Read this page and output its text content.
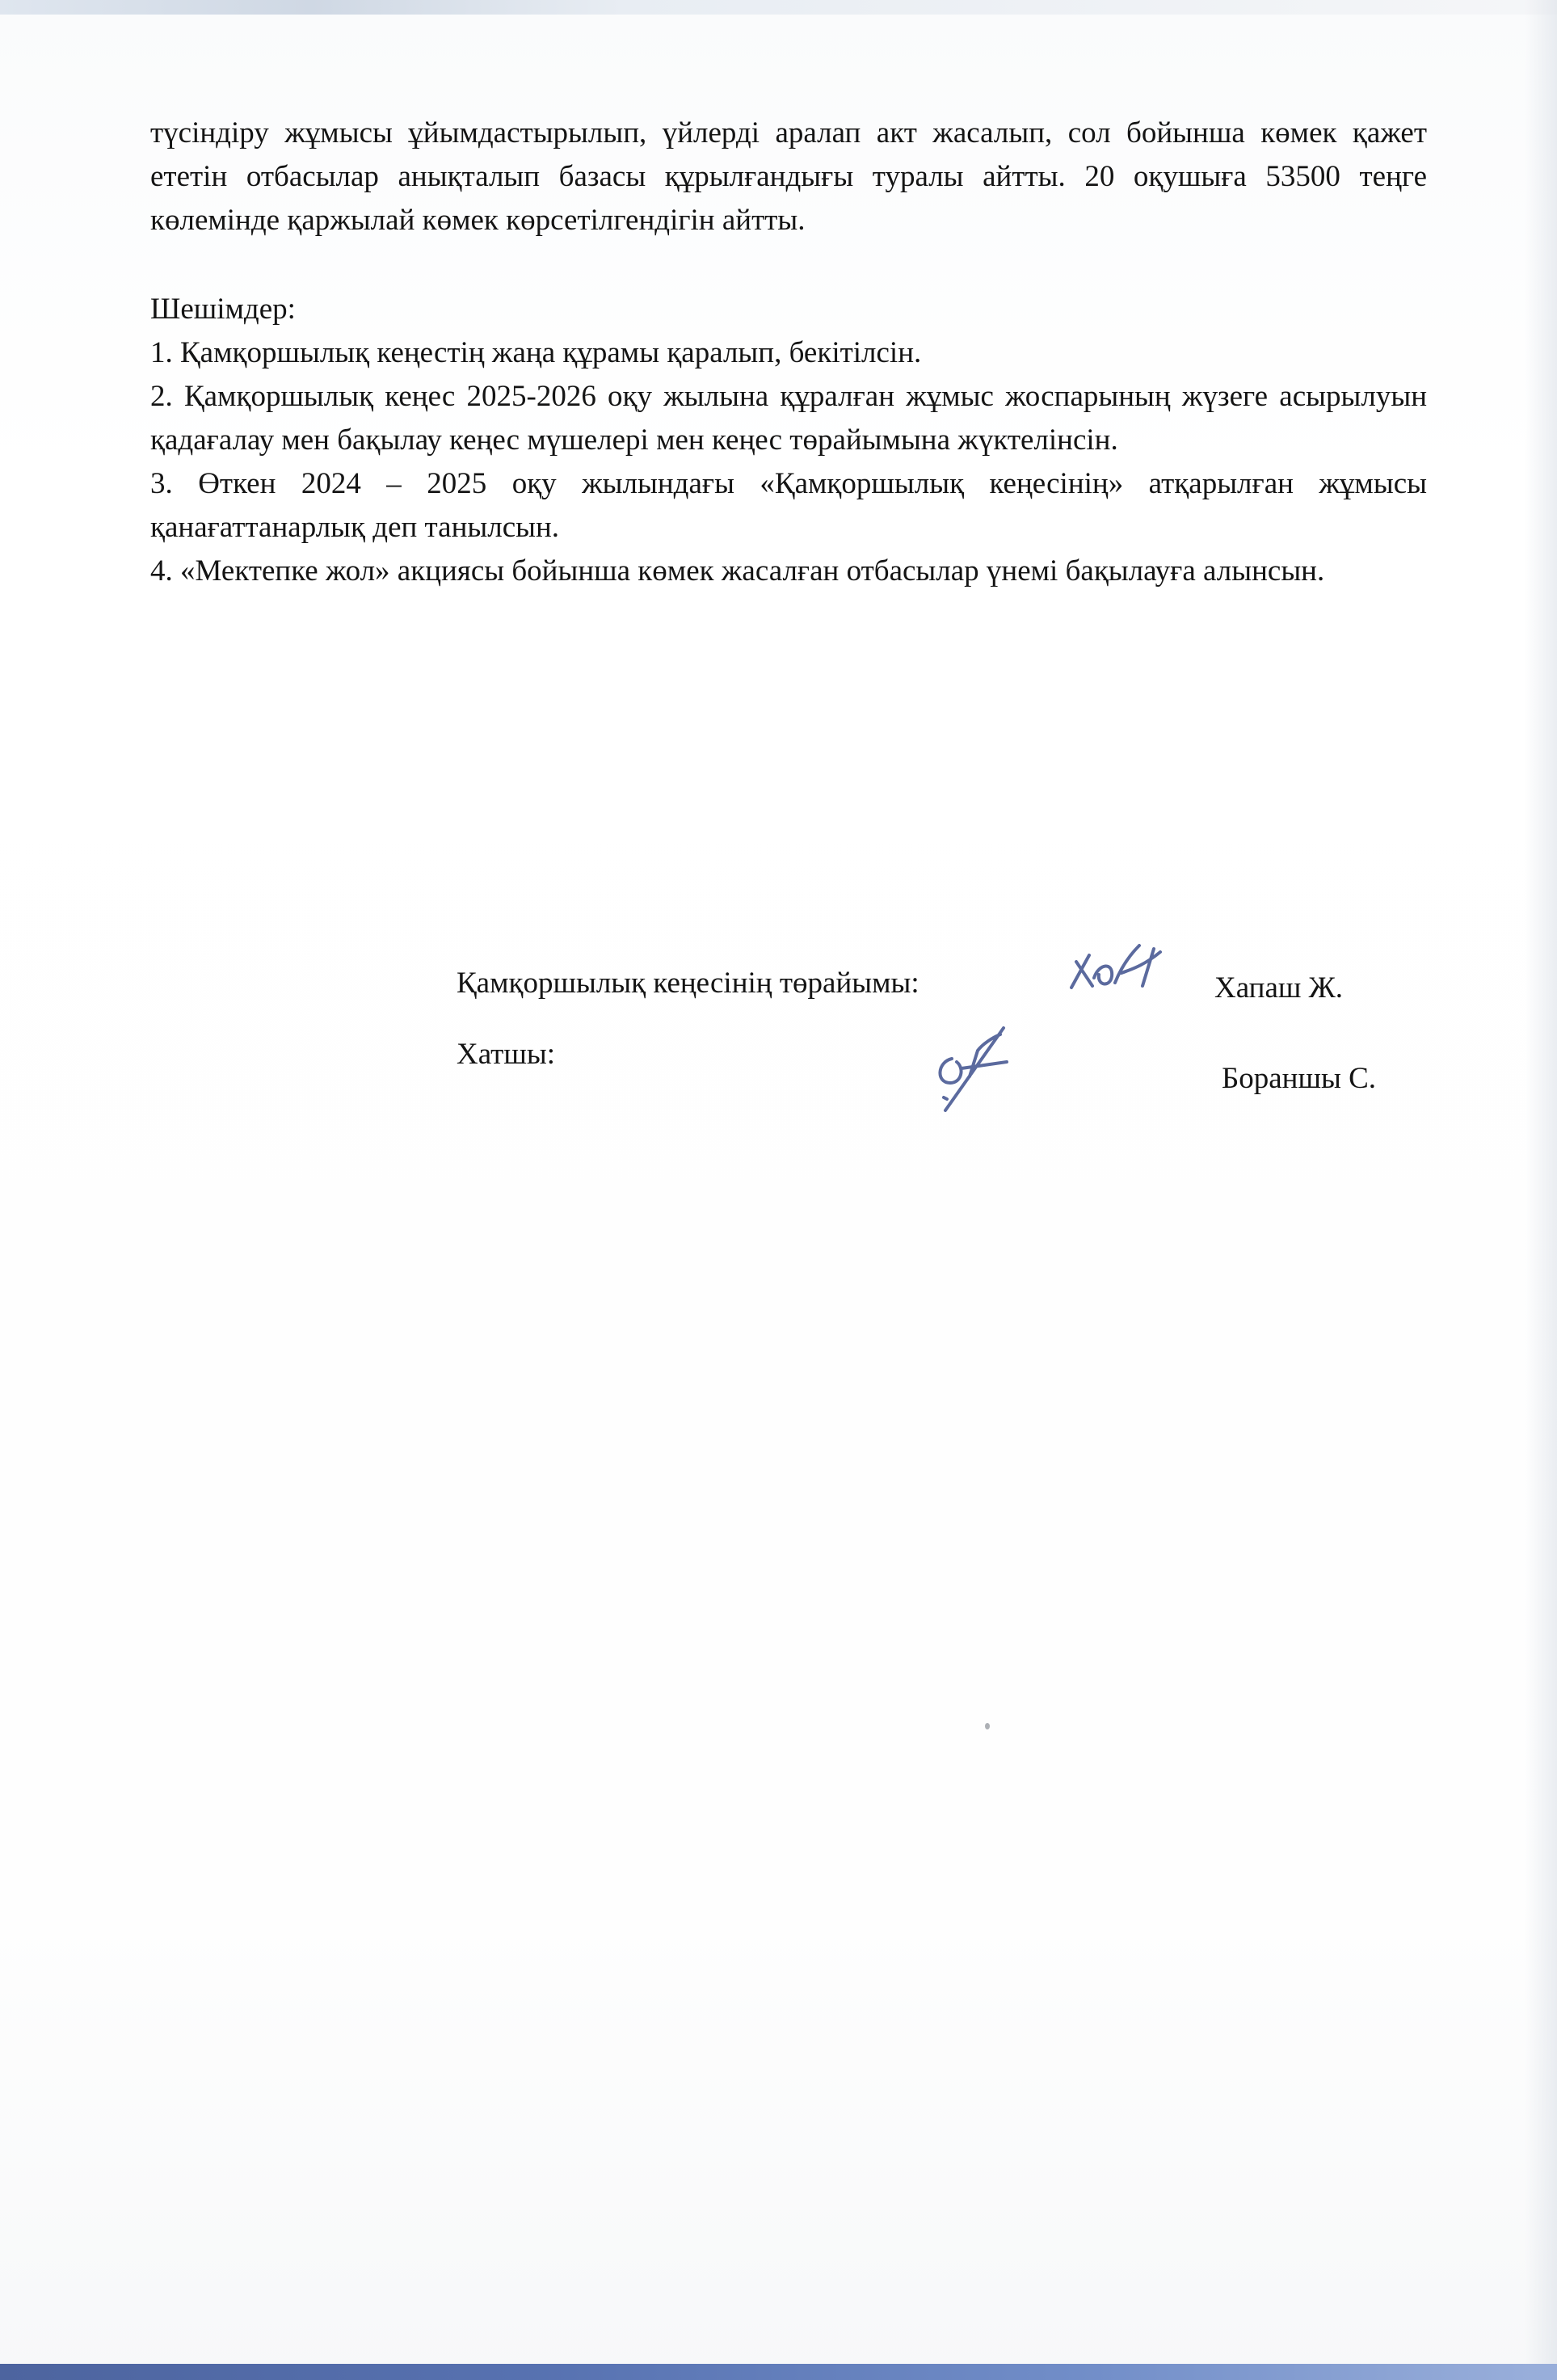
түсіндіру жұмысы ұйымдастырылып, үйлерді аралап акт жасалып, сол бойынша көмек қажет ететін отбасылар анықталып базасы құрылғандығы туралы айтты. 20 оқушыға 53500 теңге көлемінде қаржылай көмек көрсетілгендігін айтты.

Шешімдер:

1. Қамқоршылық кеңестің жаңа құрамы қаралып, бекітілсін.

2. Қамқоршылық кеңес 2025-2026 оқу жылына құралған жұмыс жоспарының жүзеге асырылуын қадағалау мен бақылау кеңес мүшелері мен кеңес төрайымына жүктелінсін.

3. Өткен 2024 – 2025 оқу жылындағы «Қамқоршылық кеңесінің» атқарылған жұмысы қанағаттанарлық деп танылсын.

4. «Мектепке жол» акциясы бойынша көмек жасалған отбасылар үнемі бақылауға алынсын.

Қамқоршылық кеңесінің төрайымы:	Хапаш Ж.
Хатшы:
Бораншы С.
